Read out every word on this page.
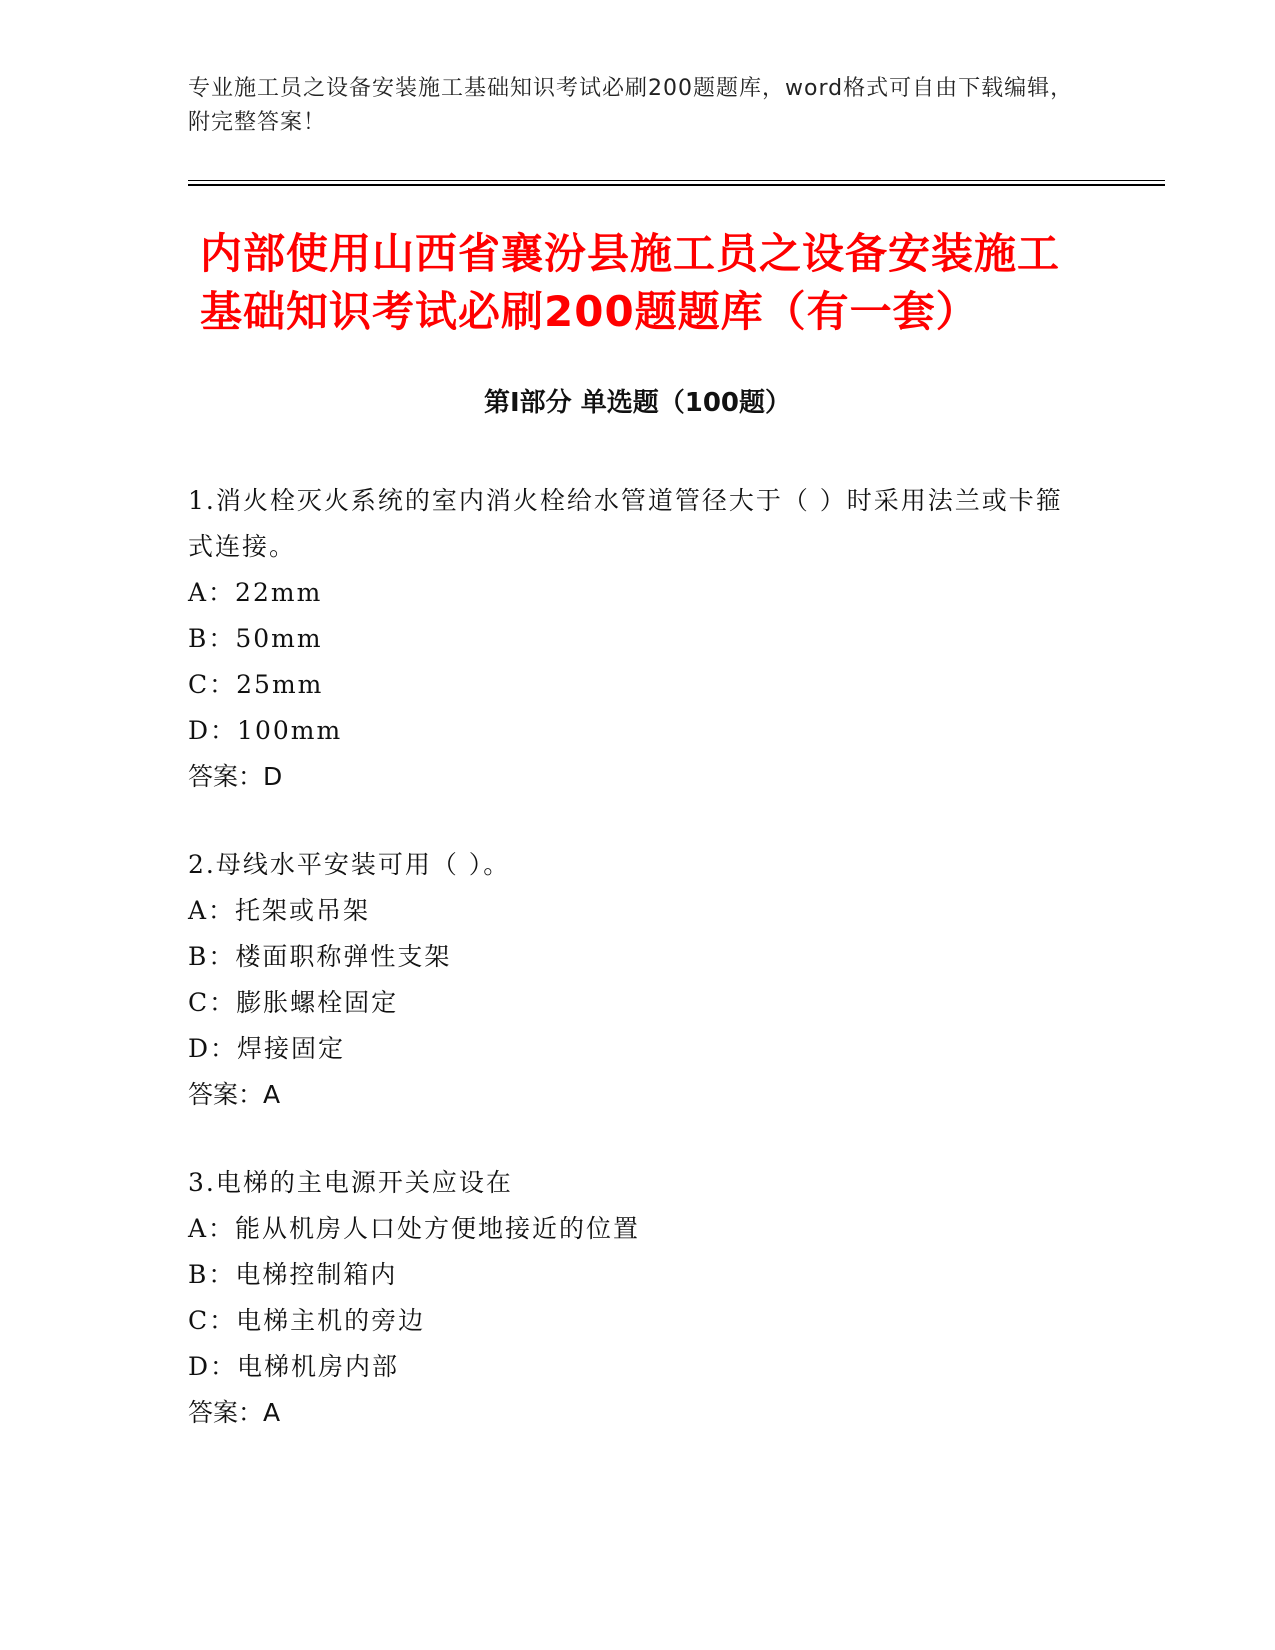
专业施工员之设备安装施工基础知识考试必刷200题题库，word格式可自由下载编辑，附完整答案！
内部使用山西省襄汾县施工员之设备安装施工基础知识考试必刷200题题库（有一套）
第Ⅰ部分 单选题（100题）
1.消火栓灭火系统的室内消火栓给水管道管径大于（ ）时采用法兰或卡箍式连接。
A：22mm
B：50mm
C：25mm
D：100mm
答案：D
2.母线水平安装可用（ ）。
A：托架或吊架
B：楼面职称弹性支架
C：膨胀螺栓固定
D：焊接固定
答案：A
3.电梯的主电源开关应设在
A：能从机房人口处方便地接近的位置
B：电梯控制箱内
C：电梯主机的旁边
D：电梯机房内部
答案：A
